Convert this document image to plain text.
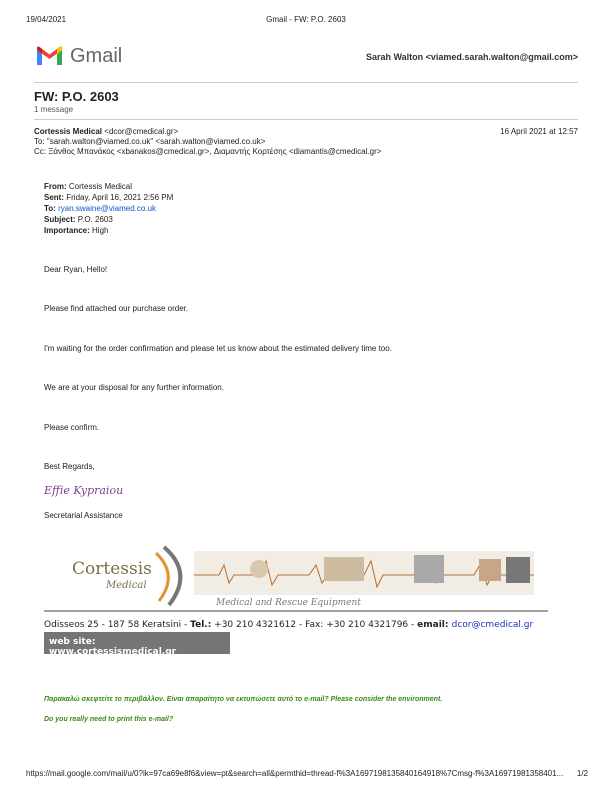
19/04/2021	Gmail - FW: P.O. 2603
Gmail	Sarah Walton <viamed.sarah.walton@gmail.com>
FW: P.O. 2603
1 message
Cortessis Medical <dcor@cmedical.gr>	16 April 2021 at 12:57
To: "sarah.walton@viamed.co.uk" <sarah.walton@viamed.co.uk>
Cc: Ξάνθος Μπανάκος <xbanakos@cmedical.gr>, Διαμαντής Κορτέσης <diamantis@cmedical.gr>
From: Cortessis Medical
Sent: Friday, April 16, 2021 2:56 PM
To: ryan.swaine@viamed.co.uk
Subject: P.O. 2603
Importance: High
Dear Ryan, Hello!
Please find attached our purchase order.
I'm waiting for the order confirmation and please let us know about the estimated delivery time too.
We are at your disposal for any further information.
Please confirm.
Best Regards,
Effie Kypraiou
Secretarial Assistance
Cortessis
Medical
Medical and Rescue Equipment
Odisseos 25 - 187 58 Keratsini - Tel.: +30 210 4321612 - Fax: +30 210 4321796 - email: dcor@cmedical.gr
web site: www.cortessismedical.gr
Παρακαλώ σκεφτείτε το περιβάλλον. Είναι απαραίτητο να εκτυπώσετε αυτό το e-mail? Please consider the environment.
Do you really need to print this e-mail?
https://mail.google.com/mail/u/0?ik=97ca69e8f6&view=pt&search=all&permthid=thread-f%3A1697198135840164918%7Cmsg-f%3A16971981358401...	1/2
